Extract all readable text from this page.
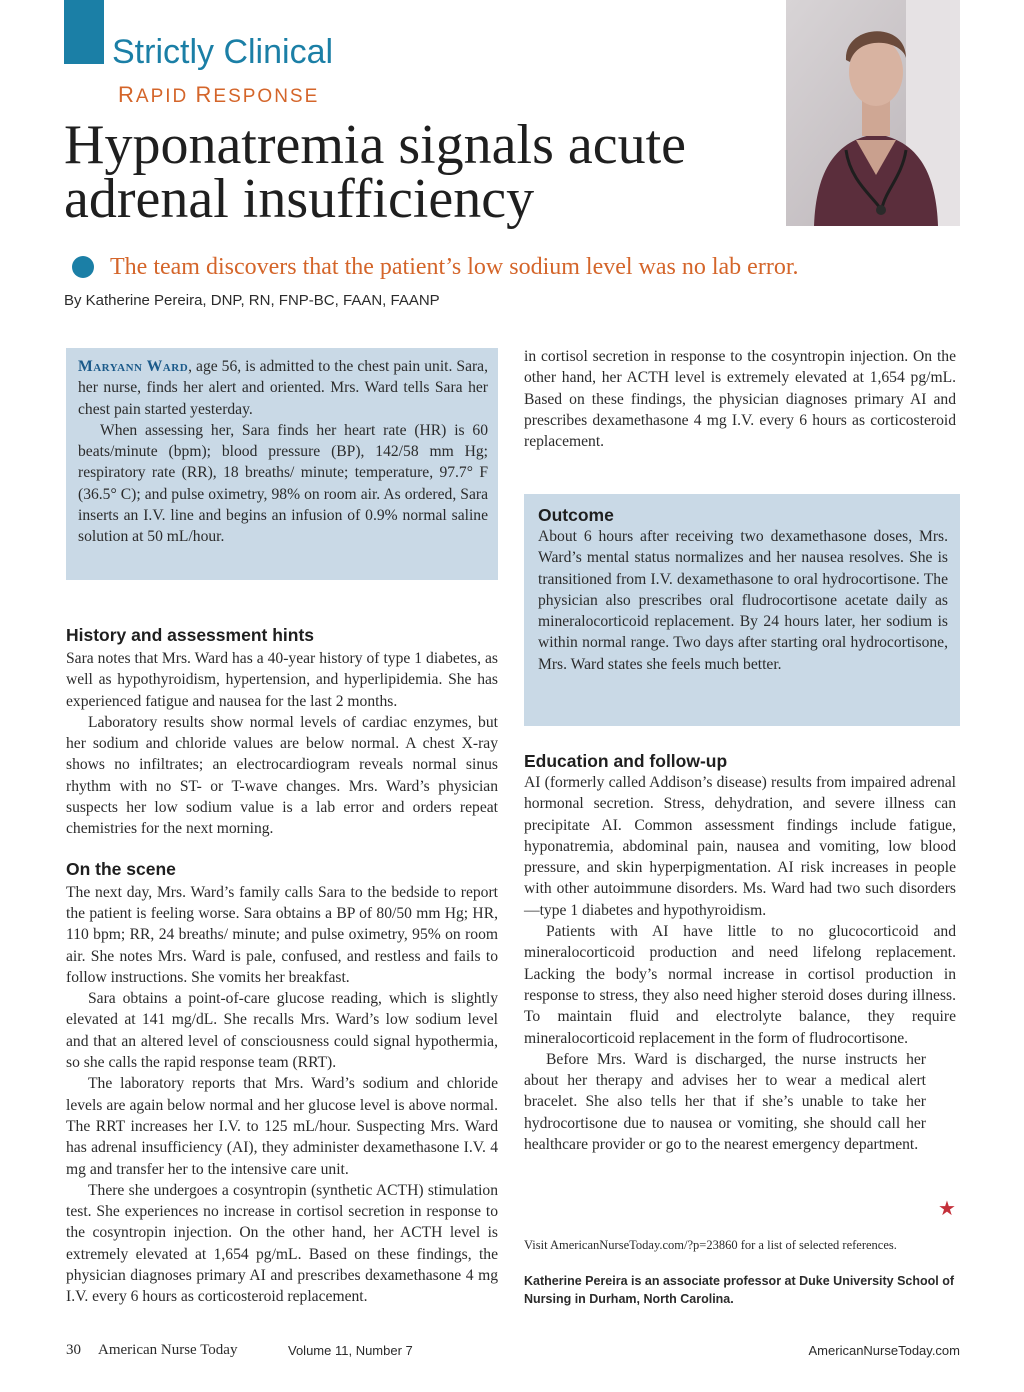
Strictly Clinical
RAPID RESPONSE
Hyponatremia signals acute adrenal insufficiency
The team discovers that the patient’s low sodium level was no lab error.
By Katherine Pereira, DNP, RN, FNP-BC, FAAN, FAANP

Maryann Ward, age 56, is admitted to the chest pain unit. Sara, her nurse, finds her alert and oriented. Mrs. Ward tells Sara her chest pain started yesterday.

When assessing her, Sara finds her heart rate (HR) is 60 beats/minute (bpm); blood pressure (BP), 142/58 mm Hg; respiratory rate (RR), 18 breaths/ minute; temperature, 97.7° F (36.5° C); and pulse oximetry, 98% on room air. As ordered, Sara inserts an I.V. line and begins an infusion of 0.9% normal saline solution at 50 mL/hour.

History and assessment hints

Sara notes that Mrs. Ward has a 40-year history of type 1 diabetes, as well as hypothyroidism, hypertension, and hyperlipidemia. She has experienced fatigue and nausea for the last 2 months.

Laboratory results show normal levels of cardiac enzymes, but her sodium and chloride values are below normal. A chest X-ray shows no infiltrates; an electrocardiogram reveals normal sinus rhythm with no ST- or T-wave changes. Mrs. Ward’s physician suspects her low sodium value is a lab error and orders repeat chemistries for the next morning.

On the scene

The next day, Mrs. Ward’s family calls Sara to the bedside to report the patient is feeling worse. Sara obtains a BP of 80/50 mm Hg; HR, 110 bpm; RR, 24 breaths/ minute; and pulse oximetry, 95% on room air. She notes Mrs. Ward is pale, confused, and restless and fails to follow instructions. She vomits her breakfast.

Sara obtains a point-of-care glucose reading, which is slightly elevated at 141 mg/dL. She recalls Mrs. Ward’s low sodium level and that an altered level of consciousness could signal hypothermia, so she calls the rapid response team (RRT).

The laboratory reports that Mrs. Ward’s sodium and chloride levels are again below normal and her glucose level is above normal. The RRT increases her I.V. to 125 mL/hour. Suspecting Mrs. Ward has adrenal insufficiency (AI), they administer dexamethasone I.V. 4 mg and transfer her to the intensive care unit.

There she undergoes a cosyntropin (synthetic ACTH) stimulation test. She experiences no increase in cortisol secretion in response to the cosyntropin injection. On the other hand, her ACTH level is extremely elevated at 1,654 pg/mL. Based on these findings, the physician diagnoses primary AI and prescribes dexamethasone 4 mg I.V. every 6 hours as corticosteroid replacement.

in cortisol secretion in response to the cosyntropin injection. On the other hand, her ACTH level is extremely elevated at 1,654 pg/mL. Based on these findings, the physician diagnoses primary AI and prescribes dexamethasone 4 mg I.V. every 6 hours as corticosteroid replacement.

Outcome

About 6 hours after receiving two dexamethasone doses, Mrs. Ward’s mental status normalizes and her nausea resolves. She is transitioned from I.V. dexamethasone to oral hydrocortisone. The physician also prescribes oral fludrocortisone acetate daily as mineralocorticoid replacement. By 24 hours later, her sodium is within normal range. Two days after starting oral hydrocortisone, Mrs. Ward states she feels much better.

Education and follow-up

AI (formerly called Addison’s disease) results from impaired adrenal hormonal secretion. Stress, dehydration, and severe illness can precipitate AI. Common assessment findings include fatigue, hyponatremia, abdominal pain, nausea and vomiting, low blood pressure, and skin hyperpigmentation. AI risk increases in people with other autoimmune disorders. Ms. Ward had two such disorders—type 1 diabetes and hypothyroidism.

Patients with AI have little to no glucocorticoid and mineralocorticoid production and need lifelong replacement. Lacking the body’s normal increase in cortisol production in response to stress, they also need higher steroid doses during illness. To maintain fluid and electrolyte balance, they require mineralocorticoid replacement in the form of fludrocortisone.

Before Mrs. Ward is discharged, the nurse instructs her about her therapy and advises her to wear a medical alert bracelet. She also tells her that if she’s unable to take her hydrocortisone due to nausea or vomiting, she should call her healthcare provider or go to the nearest emergency department.

★
Visit AmericanNurseToday.com/?p=23860 for a list of selected references.
Katherine Pereira is an associate professor at Duke University School of Nursing in Durham, North Carolina.
30 American Nurse Today	Volume 11, Number 7	AmericanNurseToday.com
